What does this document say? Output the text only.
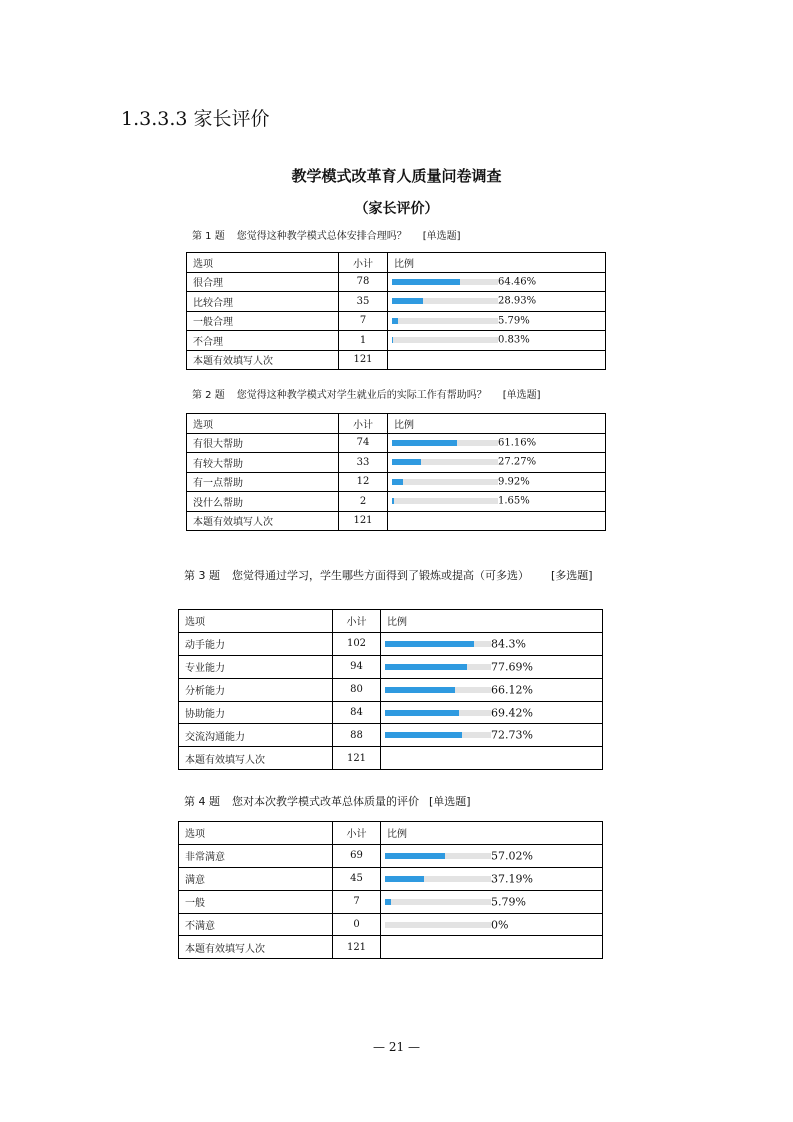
1.3.3.3 家长评价
教学模式改革育人质量问卷调查
（家长评价）
第 1 题 您觉得这种教学模式总体安排合理吗？ [单选题]
选项	小计	比例
很合理	78	64.46%

比较合理	35	28.93%

一般合理	7	5.79%

不合理	1	0.83%

本题有效填写人次	121	
第 2 题 您觉得这种教学模式对学生就业后的实际工作有帮助吗？ [单选题]
选项	小计	比例
有很大帮助	74	61.16%

有较大帮助	33	27.27%

有一点帮助	12	9.92%

没什么帮助	2	1.65%

本题有效填写人次	121	
第 3 题 您觉得通过学习，学生哪些方面得到了锻炼或提高（可多选） [多选题]
选项	小计	比例
动手能力	102	84.3%

专业能力	94	77.69%

分析能力	80	66.12%

协助能力	84	69.42%

交流沟通能力	88	72.73%

本题有效填写人次	121	
第 4 题 您对本次教学模式改革总体质量的评价 [单选题]
选项	小计	比例
非常满意	69	57.02%

满意	45	37.19%

一般	7	5.79%

不满意	0	0%

本题有效填写人次	121	
— 21 —
